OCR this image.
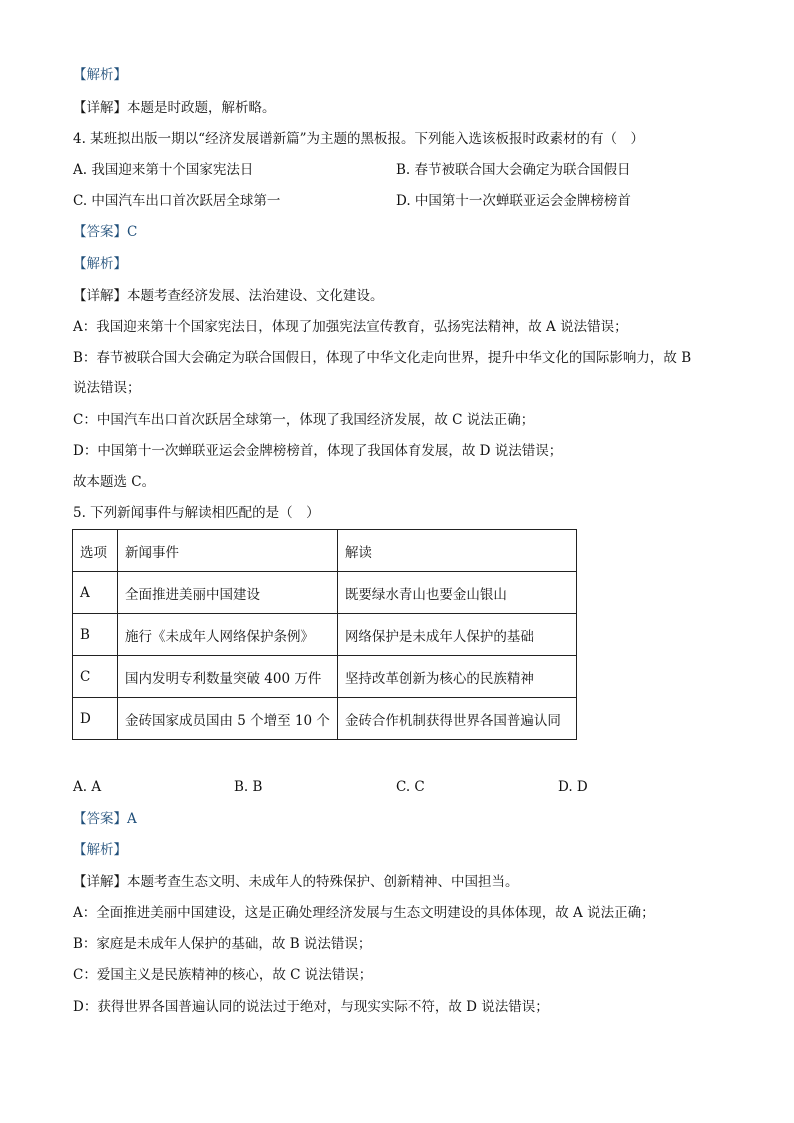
【解析】
【详解】本题是时政题，解析略。
4. 某班拟出版一期以“经济发展谱新篇”为主题的黑板报。下列能入选该板报时政素材的有（　）
A. 我国迎来第十个国家宪法日	B. 春节被联合国大会确定为联合国假日
C. 中国汽车出口首次跃居全球第一	D. 中国第十一次蝉联亚运会金牌榜榜首
【答案】C
【解析】
【详解】本题考查经济发展、法治建设、文化建设。
A：我国迎来第十个国家宪法日，体现了加强宪法宣传教育，弘扬宪法精神，故 A 说法错误；
B：春节被联合国大会确定为联合国假日，体现了中华文化走向世界，提升中华文化的国际影响力，故 B
说法错误；
C：中国汽车出口首次跃居全球第一，体现了我国经济发展，故 C 说法正确；
D：中国第十一次蝉联亚运会金牌榜榜首，体现了我国体育发展，故 D 说法错误；
故本题选 C。
5. 下列新闻事件与解读相匹配的是（　）
选项	新闻事件	解读
A	全面推进美丽中国建设	既要绿水青山也要金山银山
B	施行《未成年人网络保护条例》	网络保护是未成年人保护的基础
C	国内发明专利数量突破 400 万件	坚持改革创新为核心的民族精神
D	金砖国家成员国由 5 个增至 10 个	金砖合作机制获得世界各国普遍认同
A. A	B. B	C. C	D. D
【答案】A
【解析】
【详解】本题考查生态文明、未成年人的特殊保护、创新精神、中国担当。
A：全面推进美丽中国建设，这是正确处理经济发展与生态文明建设的具体体现，故 A 说法正确；
B：家庭是未成年人保护的基础，故 B 说法错误；
C：爱国主义是民族精神的核心，故 C 说法错误；
D：获得世界各国普遍认同的说法过于绝对，与现实实际不符，故 D 说法错误；
